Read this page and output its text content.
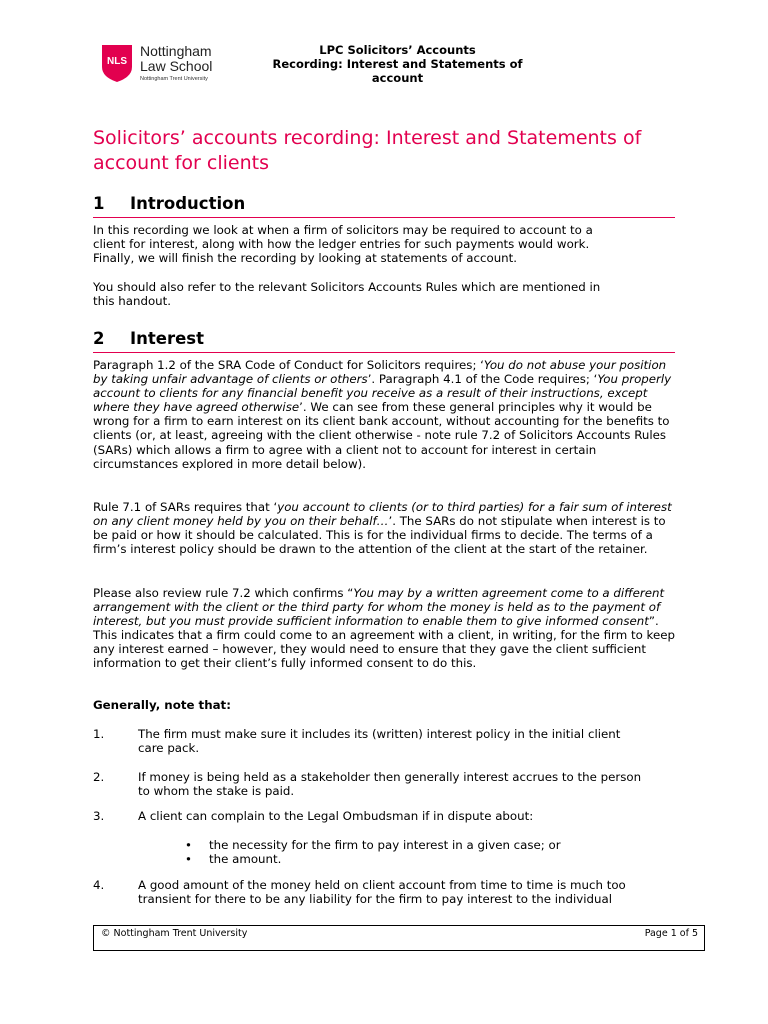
NLS
Nottingham
Law School
Nottingham Trent University
LPC Solicitors’ Accounts
Recording: Interest and Statements of
account
Solicitors’ accounts recording: Interest and Statements of
account for clients
1 Introduction
In this recording we look at when a firm of solicitors may be required to account to a
client for interest, along with how the ledger entries for such payments would work.
Finally, we will finish the recording by looking at statements of account.
You should also refer to the relevant Solicitors Accounts Rules which are mentioned in
this handout.
2 Interest

Paragraph 1.2 of the SRA Code of Conduct for Solicitors requires; ‘You do not abuse your position by taking unfair advantage of clients or others’. Paragraph 4.1 of the Code requires; ‘You properly account to clients for any financial benefit you receive as a result of their instructions, except where they have agreed otherwise’. We can see from these general principles why it would be wrong for a firm to earn interest on its client bank account, without accounting for the benefits to clients (or, at least, agreeing with the client otherwise - note rule 7.2 of Solicitors Accounts Rules (SARs) which allows a firm to agree with a client not to account for interest in certain circumstances explored in more detail below).

Rule 7.1 of SARs requires that ‘you account to clients (or to third parties) for a fair sum of interest on any client money held by you on their behalf…’. The SARs do not stipulate when interest is to be paid or how it should be calculated. This is for the individual firms to decide. The terms of a firm’s interest policy should be drawn to the attention of the client at the start of the retainer.

Please also review rule 7.2 which confirms “You may by a written agreement come to a different arrangement with the client or the third party for whom the money is held as to the payment of interest, but you must provide sufficient information to enable them to give informed consent”. This indicates that a firm could come to an agreement with a client, in writing, for the firm to keep any interest earned – however, they would need to ensure that they gave the client sufficient information to get their client’s fully informed consent to do this.

Generally, note that:
1.	The firm must make sure it includes its (written) interest policy in the initial client
care pack.
2.	If money is being held as a stakeholder then generally interest accrues to the person
to whom the stake is paid.
3.	A client can complain to the Legal Ombudsman if in dispute about:
• the necessity for the firm to pay interest in a given case; or
• the amount.
4.	A good amount of the money held on client account from time to time is much too
transient for there to be any liability for the firm to pay interest to the individual
© Nottingham Trent University	Page 1 of 5
